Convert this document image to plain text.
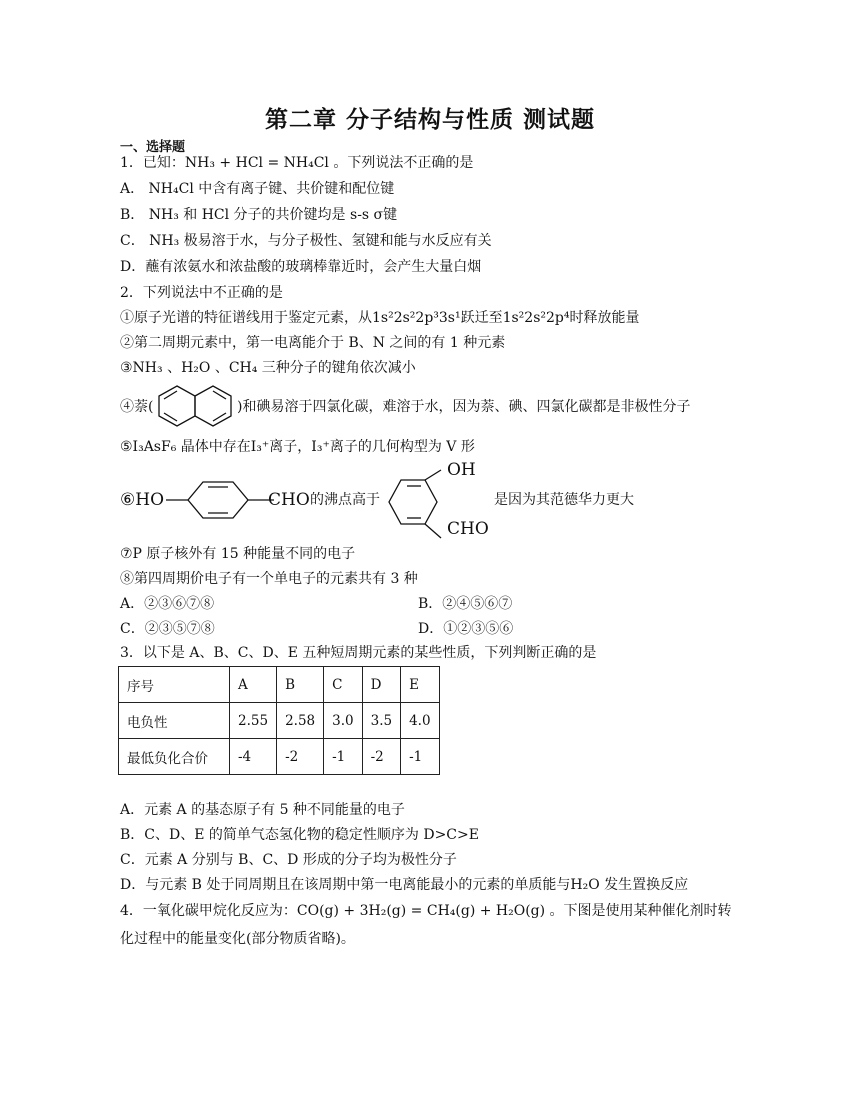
第二章 分子结构与性质 测试题
一、选择题
1．已知：NH₃ + HCl = NH₄Cl 。下列说法不正确的是
A． NH₄Cl 中含有离子键、共价键和配位键
B． NH₃ 和 HCl 分子的共价键均是 s-s σ键
C． NH₃ 极易溶于水，与分子极性、氢键和能与水反应有关
D．蘸有浓氨水和浓盐酸的玻璃棒靠近时，会产生大量白烟
2．下列说法中不正确的是
①原子光谱的特征谱线用于鉴定元素，从1s²2s²2p³3s¹跃迁至1s²2s²2p⁴时释放能量
②第二周期元素中，第一电离能介于 B、N 之间的有 1 种元素
③NH₃ 、H₂O 、CH₄ 三种分子的键角依次减小
④萘(	)和碘易溶于四氯化碳，难溶于水，因为萘、碘、四氯化碳都是非极性分子
⑤I₃AsF₆ 晶体中存在I₃⁺离子，I₃⁺离子的几何构型为 V 形
⑥HO	CHO 的沸点高于
OH
CHO
是因为其范德华力更大
⑦P 原子核外有 15 种能量不同的电子
⑧第四周期价电子有一个单电子的元素共有 3 种
A．②③⑥⑦⑧	B．②④⑤⑥⑦
C．②③⑤⑦⑧	D．①②③⑤⑥
3．以下是 A、B、C、D、E 五种短周期元素的某些性质，下列判断正确的是
序号	A	B	C	D	E
电负性	2.55	2.58	3.0	3.5	4.0
最低负化合价	-4	-2	-1	-2	-1
A．元素 A 的基态原子有 5 种不同能量的电子
B．C、D、E 的简单气态氢化物的稳定性顺序为 D>C>E
C．元素 A 分别与 B、C、D 形成的分子均为极性分子
D．与元素 B 处于同周期且在该周期中第一电离能最小的元素的单质能与H₂O 发生置换反应
4．一氧化碳甲烷化反应为：CO(g) + 3H₂(g) = CH₄(g) + H₂O(g) 。下图是使用某种催化剂时转
化过程中的能量变化(部分物质省略)。
